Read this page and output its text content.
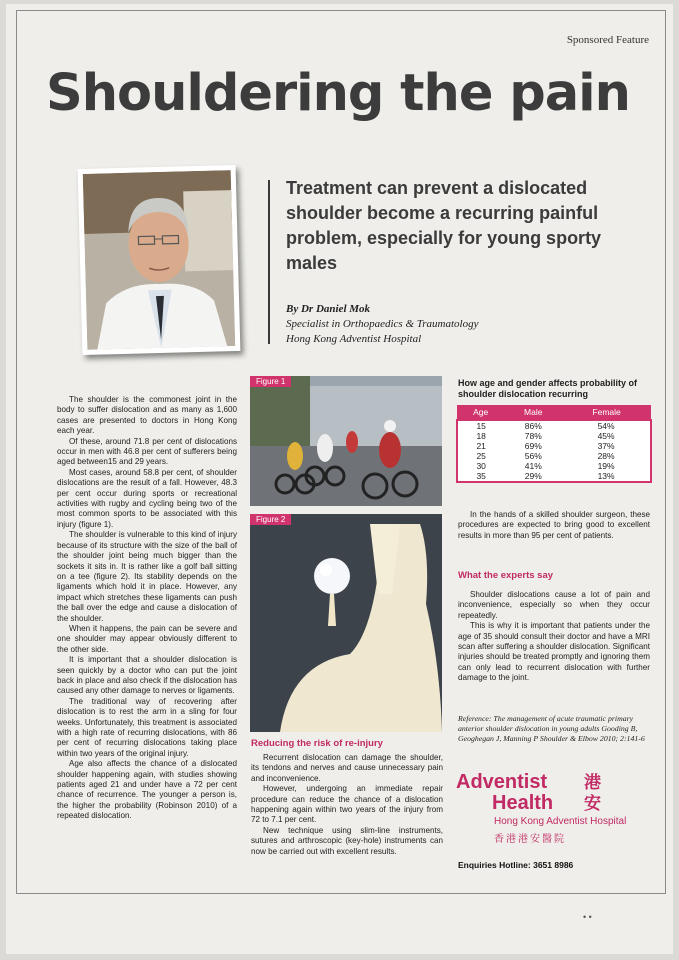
Sponsored Feature
Shouldering the pain
Treatment can prevent a dislocated shoulder become a recurring painful problem, especially for young sporty males
By Dr Daniel Mok
Specialist in Orthopaedics & Traumatology
Hong Kong Adventist Hospital

The shoulder is the commonest joint in the body to suffer dislocation and as many as 1,600 cases are presented to doctors in Hong Kong each year.

Of these, around 71.8 per cent of dislocations occur in men with 46.8 per cent of sufferers being aged between15 and 29 years.

Most cases, around 58.8 per cent, of shoulder dislocations are the result of a fall. However, 48.3 per cent occur during sports or recreational activities with rugby and cycling being two of the most common sports to be associated with this injury (figure 1).

The shoulder is vulnerable to this kind of injury because of its structure with the size of the ball of the shoulder joint being much bigger than the sockets it sits in. It is rather like a golf ball sitting on a tee (figure 2). Its stability depends on the ligaments which hold it in place. However, any impact which stretches these ligaments can push the ball over the edge and cause a dislocation of the shoulder.

When it happens, the pain can be severe and one shoulder may appear obviously different to the other side.

It is important that a shoulder dislocation is seen quickly by a doctor who can put the joint back in place and also check if the dislocation has caused any other damage to nerves or ligaments.

The traditional way of recovering after dislocation is to rest the arm in a sling for four weeks. Unfortunately, this treatment is associated with a high rate of recurring dislocations, with 86 per cent of recurring dislocations taking place within two years of the original injury.

Age also affects the chance of a dislocated shoulder happening again, with studies showing patients aged 21 and under have a 72 per cent chance of recurrence. The younger a person is, the higher the probability (Robinson 2010) of a repeated dislocation.

Figure 1
Figure 2
Reducing the risk of re-injury

Recurrent dislocation can damage the shoulder, its tendons and nerves and cause unnecessary pain and inconvenience.

However, undergoing an immediate repair procedure can reduce the chance of a dislocation happening again within two years of the injury from 72 to 7.1 per cent.

New technique using slim-line instruments, sutures and arthroscopic (key-hole) instruments can now be carried out with excellent results.

How age and gender affects probability of shoulder dislocation recurring
Age	Male	Female
15	86%	54%
18	78%	45%
21	69%	37%
25	56%	28%
30	41%	19%
35	29%	13%

In the hands of a skilled shoulder surgeon, these procedures are expected to bring good to excellent results in more than 95 per cent of patients.

What the experts say

Shoulder dislocations cause a lot of pain and inconvenience, especially so when they occur repeatedly.

This is why it is important that patients under the age of 35 should consult their doctor and have a MRI scan after suffering a shoulder dislocation. Significant injuries should be treated promptly and ignoring them can only lead to recurrent dislocation with further damage to the joint.

Reference: The management of acute traumatic primary anterior shoulder dislocation in young adults Gooding B, Geoghegan J, Manning P Shoulder & Elbow 2010; 2:141-6
Adventist
Health
港安
Hong Kong Adventist Hospital
香港港安醫院
Enquiries Hotline: 3651 8986
• •
